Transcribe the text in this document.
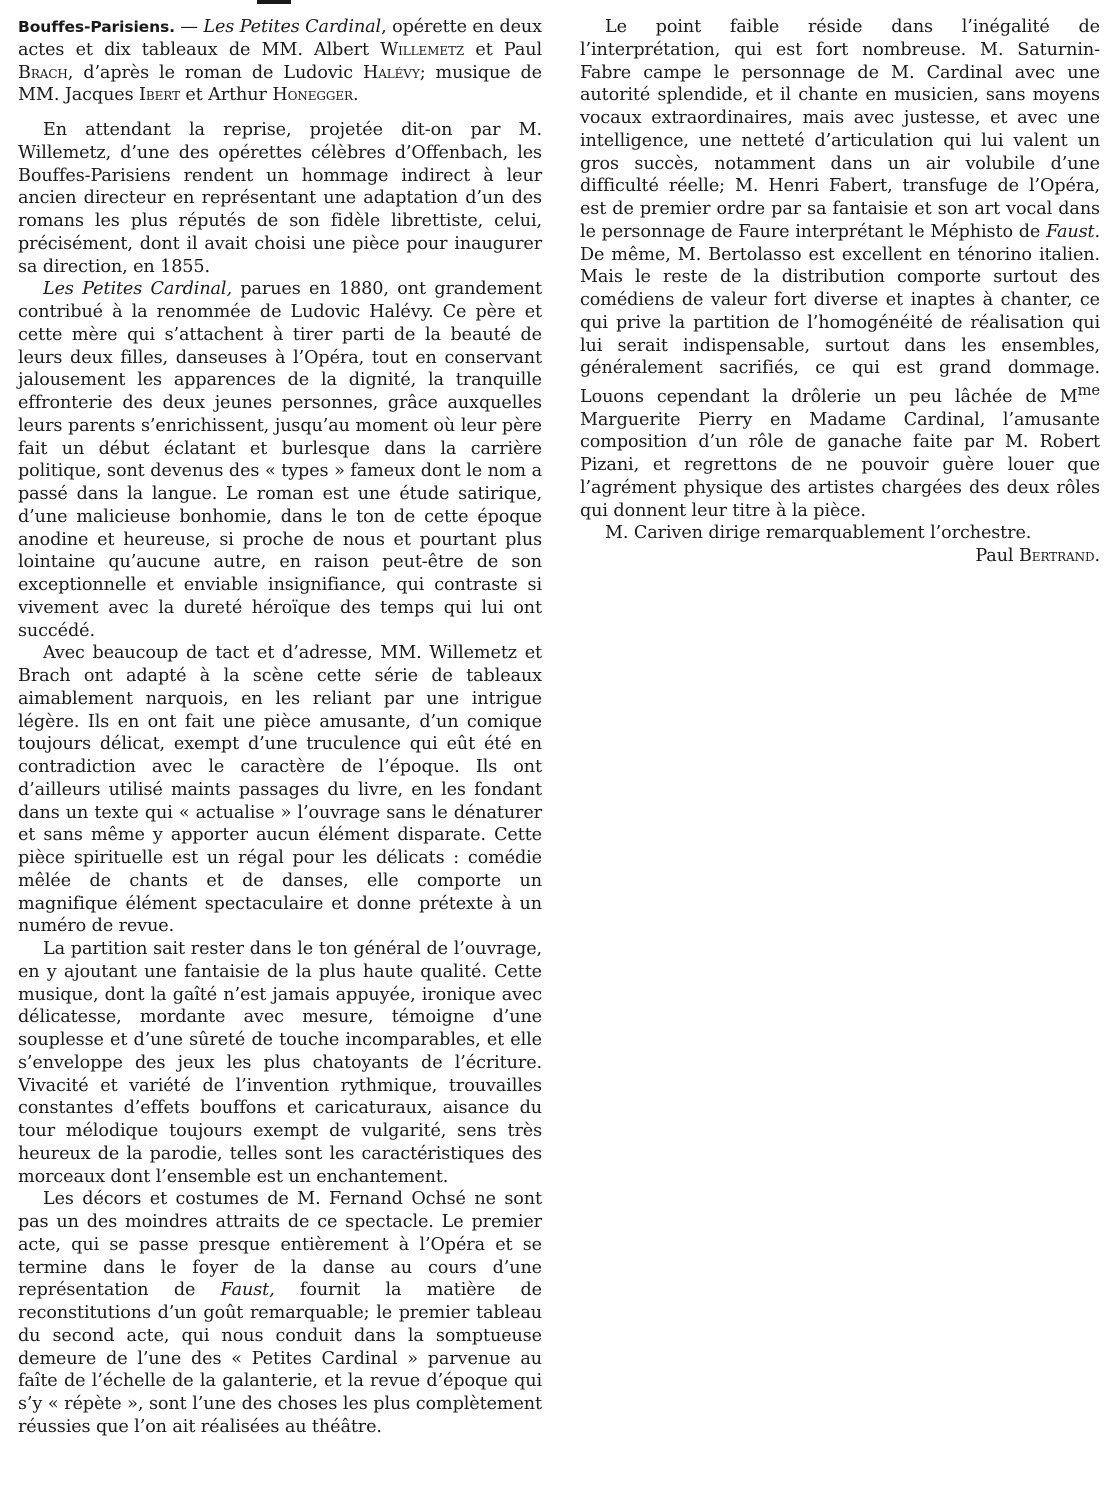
Bouffes-Parisiens. — Les Petites Cardinal, opérette en deux actes et dix tableaux de MM. Albert Willemetz et Paul Brach, d’après le roman de Ludovic Halévy; musique de MM. Jacques Ibert et Arthur Honegger.

En attendant la reprise, projetée dit-on par M. Willemetz, d’une des opérettes célèbres d’Offenbach, les Bouffes-Parisiens rendent un hommage indirect à leur ancien directeur en représentant une adaptation d’un des romans les plus réputés de son fidèle librettiste, celui, précisément, dont il avait choisi une pièce pour inaugurer sa direction, en 1855.

Les Petites Cardinal, parues en 1880, ont grandement contribué à la renommée de Ludovic Halévy. Ce père et cette mère qui s’attachent à tirer parti de la beauté de leurs deux filles, danseuses à l’Opéra, tout en conservant jalousement les apparences de la dignité, la tranquille effronterie des deux jeunes personnes, grâce auxquelles leurs parents s’enrichissent, jusqu’au moment où leur père fait un début éclatant et burlesque dans la carrière politique, sont devenus des « types » fameux dont le nom a passé dans la langue. Le roman est une étude satirique, d’une malicieuse bonhomie, dans le ton de cette époque anodine et heureuse, si proche de nous et pourtant plus lointaine qu’aucune autre, en raison peut-être de son exceptionnelle et enviable insignifiance, qui contraste si vivement avec la dureté héroïque des temps qui lui ont succédé.

Avec beaucoup de tact et d’adresse, MM. Willemetz et Brach ont adapté à la scène cette série de tableaux aimablement narquois, en les reliant par une intrigue légère. Ils en ont fait une pièce amusante, d’un comique toujours délicat, exempt d’une truculence qui eût été en contradiction avec le caractère de l’époque. Ils ont d’ailleurs utilisé maints passages du livre, en les fondant dans un texte qui « actualise » l’ouvrage sans le dénaturer et sans même y apporter aucun élément disparate. Cette pièce spirituelle est un régal pour les délicats : comédie mêlée de chants et de danses, elle comporte un magnifique élément spectaculaire et donne prétexte à un numéro de revue.

La partition sait rester dans le ton général de l’ouvrage, en y ajoutant une fantaisie de la plus haute qualité. Cette musique, dont la gaîté n’est jamais appuyée, ironique avec délicatesse, mordante avec mesure, témoigne d’une souplesse et d’une sûreté de touche incomparables, et elle s’enveloppe des jeux les plus chatoyants de l’écriture. Vivacité et variété de l’invention rythmique, trouvailles constantes d’effets bouffons et caricaturaux, aisance du tour mélodique toujours exempt de vulgarité, sens très heureux de la parodie, telles sont les caractéristiques des morceaux dont l’ensemble est un enchantement.

Les décors et costumes de M. Fernand Ochsé ne sont pas un des moindres attraits de ce spectacle. Le premier acte, qui se passe presque entièrement à l’Opéra et se termine dans le foyer de la danse au cours d’une représentation de Faust, fournit la matière de reconstitutions d’un goût remarquable; le premier tableau du second acte, qui nous conduit dans la somptueuse demeure de l’une des « Petites Cardinal » parvenue au faîte de l’échelle de la galanterie, et la revue d’époque qui s’y « répète », sont l’une des choses les plus complètement réussies que l’on ait réalisées au théâtre.

Le point faible réside dans l’inégalité de l’interprétation, qui est fort nombreuse. M. Saturnin-Fabre campe le personnage de M. Cardinal avec une autorité splendide, et il chante en musicien, sans moyens vocaux extraordinaires, mais avec justesse, et avec une intelligence, une netteté d’articulation qui lui valent un gros succès, notamment dans un air volubile d’une difficulté réelle; M. Henri Fabert, transfuge de l’Opéra, est de premier ordre par sa fantaisie et son art vocal dans le personnage de Faure interprétant le Méphisto de Faust. De même, M. Bertolasso est excellent en ténorino italien. Mais le reste de la distribution comporte surtout des comédiens de valeur fort diverse et inaptes à chanter, ce qui prive la partition de l’homogénéité de réalisation qui lui serait indispensable, surtout dans les ensembles, généralement sacrifiés, ce qui est grand dommage. Louons cependant la drôlerie un peu lâchée de $M^{me}$ Marguerite Pierry en Madame Cardinal, l’amusante composition d’un rôle de ganache faite par M. Robert Pizani, et regrettons de ne pouvoir guère louer que l’agrément physique des artistes chargées des deux rôles qui donnent leur titre à la pièce.

M. Cariven dirige remarquablement l’orchestre.

Paul Bertrand.
